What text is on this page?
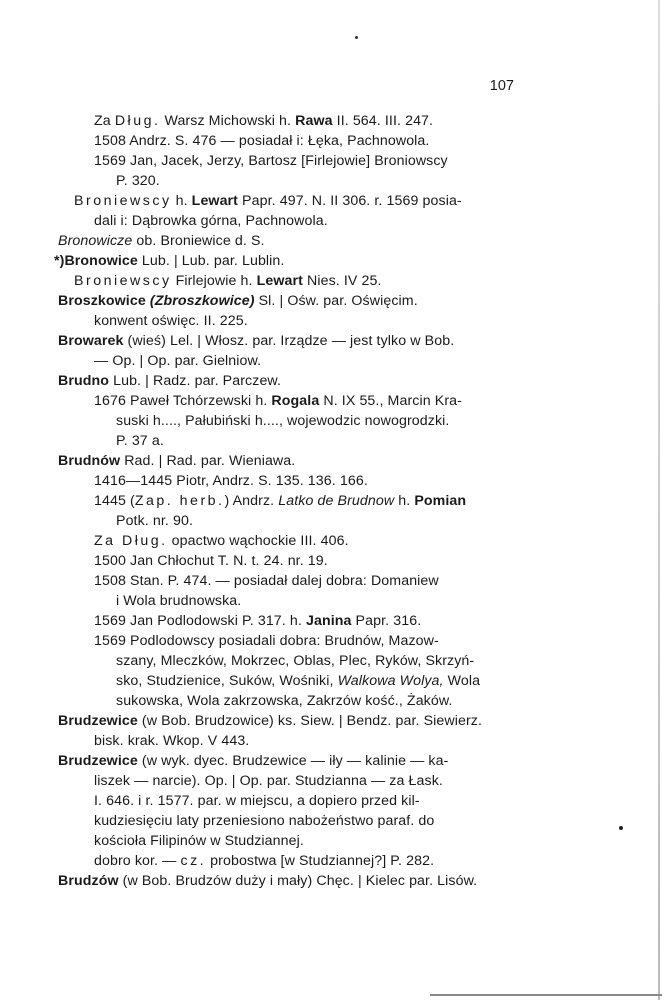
107
Za Dług. Warsz Michowski h. Rawa II. 564. III. 247.
1508 Andrz. S. 476 — posiadał i: Łęka, Pachnowola.
1569 Jan, Jacek, Jerzy, Bartosz [Firlejowie] Broniowscy
P. 320.
Broniewscy h. Lewart Papr. 497. N. II 306. r. 1569 posia-
dali i: Dąbrowka górna, Pachnowola.
Bronowicze ob. Broniewice d. S.
*)Bronowice Lub. | Lub. par. Lublin.
Broniewscy Firlejowie h. Lewart Nies. IV 25.
Broszkowice (Zbroszkowice) Sl. | Ośw. par. Oświęcim.
konwent oświęc. II. 225.
Browarek (wieś) Lel. | Włosz. par. Irządze — jest tylko w Bob.
— Op. | Op. par. Gielniow.
Brudno Lub. | Radz. par. Parczew.
1676 Paweł Tchórzewski h. Rogala N. IX 55., Marcin Kra-
suski h...., Pałubiński h...., wojewodzic nowogrodzki.
P. 37 a.
Brudnów Rad. | Rad. par. Wieniawa.
1416—1445 Piotr, Andrz. S. 135. 136. 166.
1445 (Zap. herb.) Andrz. Latko de Brudnow h. Pomian
Potk. nr. 90.
Za Dług. opactwo wąchockie III. 406.
1500 Jan Chłochut T. N. t. 24. nr. 19.
1508 Stan. P. 474. — posiadał dalej dobra: Domaniew
i Wola brudnowska.
1569 Jan Podlodowski P. 317. h. Janina Papr. 316.
1569 Podlodowscy posiadali dobra: Brudnów, Mazow-
szany, Mleczków, Mokrzec, Oblas, Plec, Ryków, Skrzyń-
sko, Studzienice, Suków, Wośniki, Walkowa Wolya, Wola
sukowska, Wola zakrzowska, Zakrzów kość., Żaków.
Brudzewice (w Bob. Brudzowice) ks. Siew. | Bendz. par. Siewierz.
bisk. krak. Wkop. V 443.
Brudzewice (w wyk. dyec. Brudzewice — iły — kalinie — ka-
liszek — narcie). Op. | Op. par. Studzianna — za Łask.
I. 646. i r. 1577. par. w miejscu, a dopiero przed kil-
kudziesięciu laty przeniesiono nabożeństwo paraf. do
kościoła Filipinów w Studziannej.
dobro kor. — cz. probostwa [w Studziannej?] P. 282.
Brudzów (w Bob. Brudzów duży i mały) Chęc. | Kielec par. Lisów.
